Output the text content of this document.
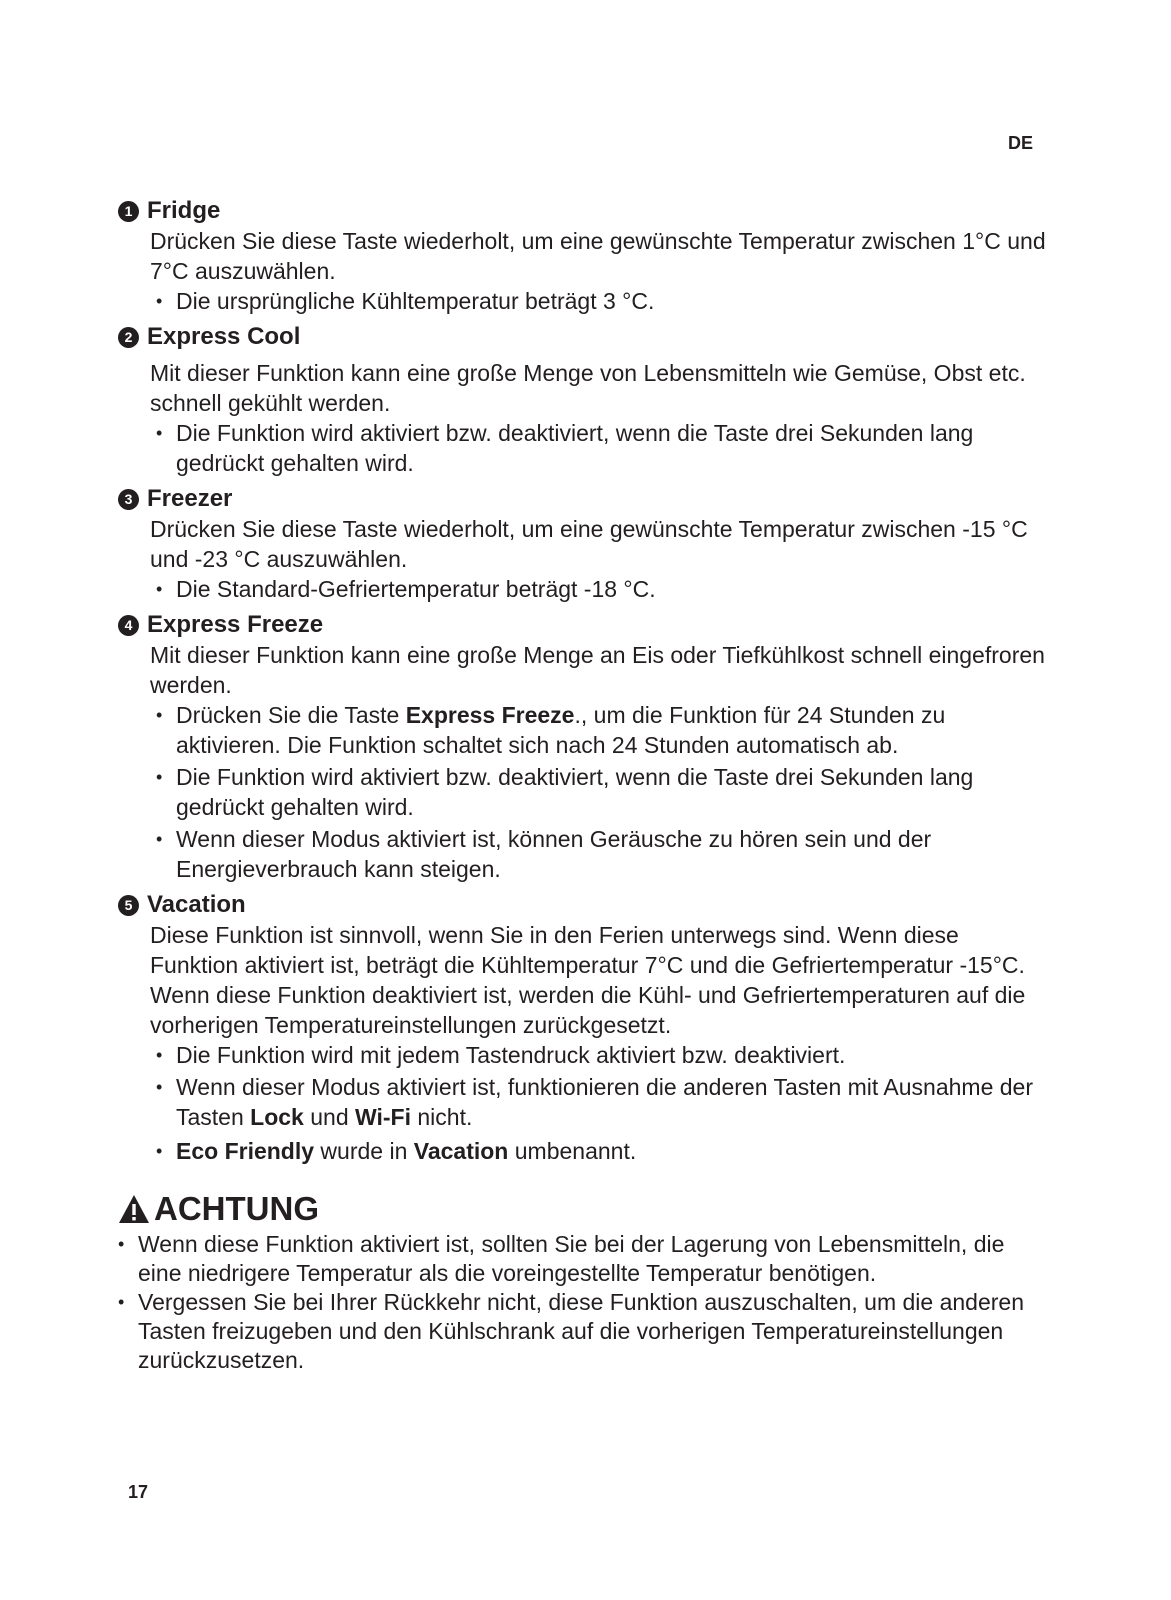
DE
1 Fridge

Drücken Sie diese Taste wiederholt, um eine gewünschte Temperatur zwischen 1°C und 7°C auszuwählen.

• Die ursprüngliche Kühltemperatur beträgt 3 °C.
2 Express Cool

Mit dieser Funktion kann eine große Menge von Lebensmitteln wie Gemüse, Obst etc. schnell gekühlt werden.

• Die Funktion wird aktiviert bzw. deaktiviert, wenn die Taste drei Sekunden lang gedrückt gehalten wird.
3 Freezer

Drücken Sie diese Taste wiederholt, um eine gewünschte Temperatur zwischen -15 °C und -23 °C auszuwählen.

• Die Standard-Gefriertemperatur beträgt -18 °C.
4 Express Freeze

Mit dieser Funktion kann eine große Menge an Eis oder Tiefkühlkost schnell eingefroren werden.

• Drücken Sie die Taste Express Freeze., um die Funktion für 24 Stunden zu aktivieren. Die Funktion schaltet sich nach 24 Stunden automatisch ab.
• Die Funktion wird aktiviert bzw. deaktiviert, wenn die Taste drei Sekunden lang gedrückt gehalten wird.
• Wenn dieser Modus aktiviert ist, können Geräusche zu hören sein und der Energieverbrauch kann steigen.
5 Vacation

Diese Funktion ist sinnvoll, wenn Sie in den Ferien unterwegs sind. Wenn diese Funktion aktiviert ist, beträgt die Kühltemperatur 7°C und die Gefriertemperatur -15°C. Wenn diese Funktion deaktiviert ist, werden die Kühl- und Gefriertemperaturen auf die vorherigen Temperatureinstellungen zurückgesetzt.

• Die Funktion wird mit jedem Tastendruck aktiviert bzw. deaktiviert.
• Wenn dieser Modus aktiviert ist, funktionieren die anderen Tasten mit Ausnahme der Tasten Lock und Wi-Fi nicht.
• Eco Friendly wurde in Vacation umbenannt.
ACHTUNG
• Wenn diese Funktion aktiviert ist, sollten Sie bei der Lagerung von Lebensmitteln, die eine niedrigere Temperatur als die voreingestellte Temperatur benötigen.
• Vergessen Sie bei Ihrer Rückkehr nicht, diese Funktion auszuschalten, um die anderen Tasten freizugeben und den Kühlschrank auf die vorherigen Temperatureinstellungen zurückzusetzen.
17
